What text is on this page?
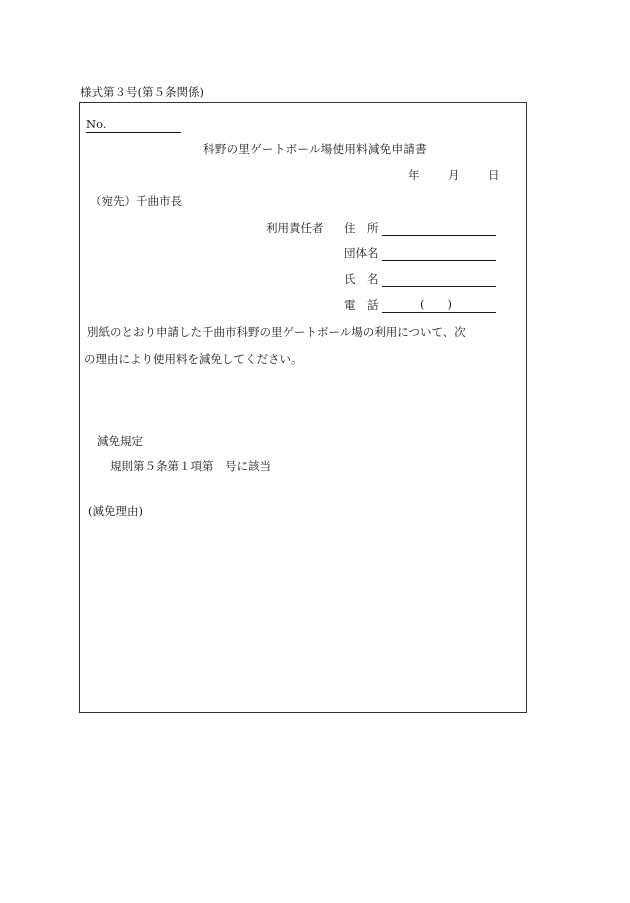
様式第３号(第５条関係)
No.
科野の里ゲートボール場使用料減免申請書
年 月 日
（宛先）千曲市長
利用責任者 住　所
団体名
氏　名
電　話	(　　)
別紙のとおり申請した千曲市科野の里ゲートボール場の利用について、次
の理由により使用料を減免してください。
減免規定
規則第５条第１項第　号に該当
(減免理由)
